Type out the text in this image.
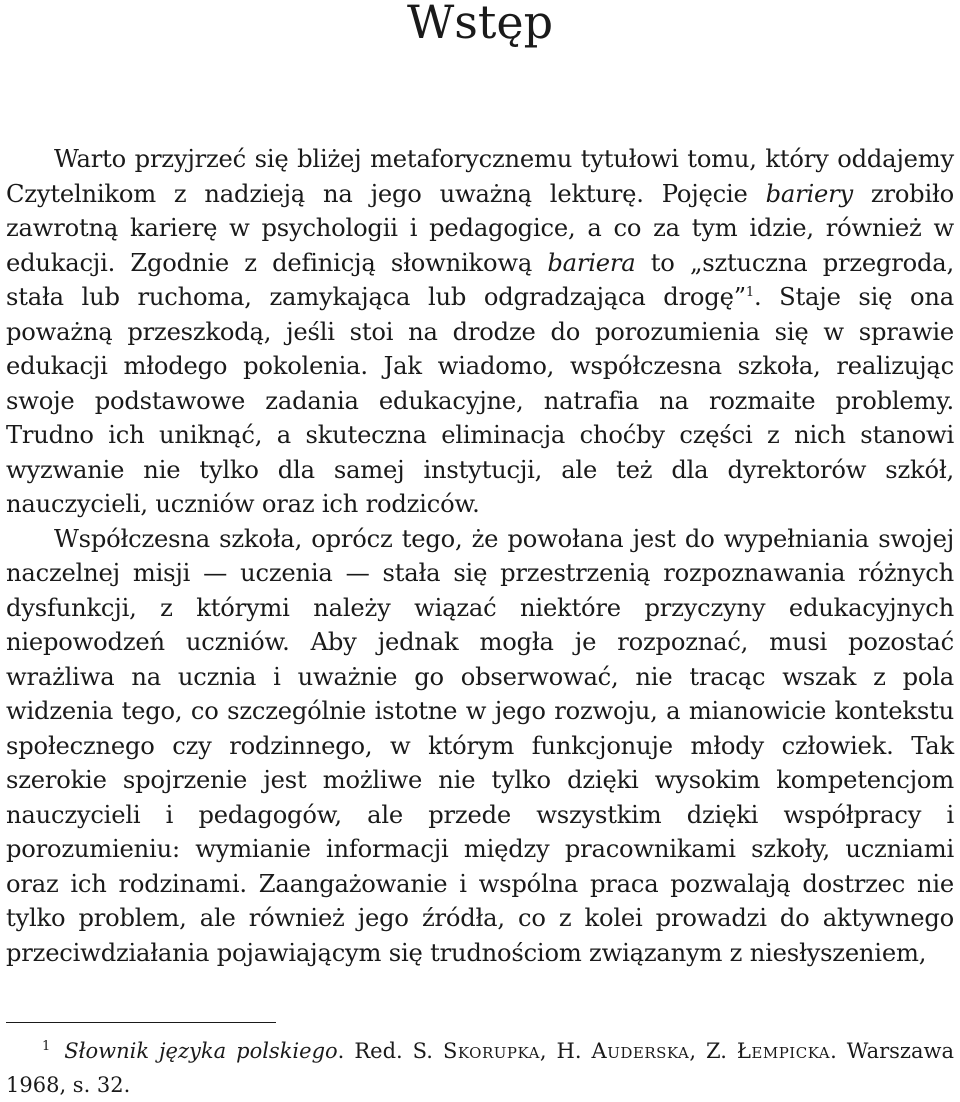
Wstęp

Warto przyjrzeć się bliżej metaforycznemu tytułowi tomu, który oddajemy Czytelnikom z nadzieją na jego uważną lekturę. Pojęcie bariery zrobiło zawrotną karierę w psychologii i pedagogice, a co za tym idzie, również w edukacji. Zgodnie z definicją słownikową bariera to „sztuczna przegroda, stała lub ruchoma, zamykająca lub odgradzająca drogę”$^1$. Staje się ona poważną przeszkodą, jeśli stoi na drodze do porozumienia się w sprawie edukacji młodego pokolenia. Jak wiadomo, współczesna szkoła, realizując swoje podstawowe zadania edukacyjne, natrafia na rozmaite problemy. Trudno ich uniknąć, a skuteczna eliminacja choćby części z nich stanowi wyzwanie nie tylko dla samej instytucji, ale też dla dyrektorów szkół, nauczycieli, uczniów oraz ich rodziców.

Współczesna szkoła, oprócz tego, że powołana jest do wypełniania swojej naczelnej misji — uczenia — stała się przestrzenią rozpoznawania różnych dysfunkcji, z którymi należy wiązać niektóre przyczyny edukacyjnych niepowodzeń uczniów. Aby jednak mogła je rozpoznać, musi pozostać wrażliwa na ucznia i uważnie go obserwować, nie tracąc wszak z pola widzenia tego, co szczególnie istotne w jego rozwoju, a mianowicie kontekstu społecznego czy rodzinnego, w którym funkcjonuje młody człowiek. Tak szerokie spojrzenie jest możliwe nie tylko dzięki wysokim kompetencjom nauczycieli i pedagogów, ale przede wszystkim dzięki współpracy i porozumieniu: wymianie informacji między pracownikami szkoły, uczniami oraz ich rodzinami. Zaangażowanie i wspólna praca pozwalają dostrzec nie tylko problem, ale również jego źródła, co z kolei prowadzi do aktywnego przeciwdziałania pojawiającym się trudnościom związanym z niesłyszeniem,

$^1$ Słownik języka polskiego. Red. S. Skorupka, H. Auderska, Z. Łempicka. Warszawa 1968, s. 32.
